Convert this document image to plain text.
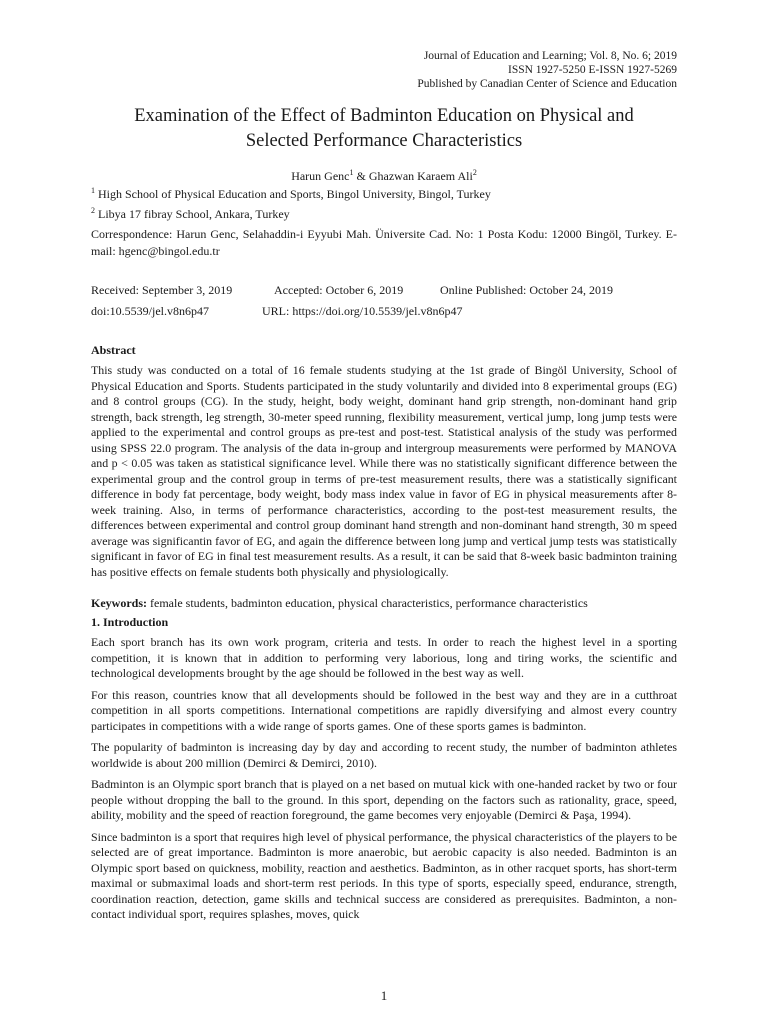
Journal of Education and Learning; Vol. 8, No. 6; 2019
ISSN 1927-5250 E-ISSN 1927-5269
Published by Canadian Center of Science and Education
Examination of the Effect of Badminton Education on Physical and
Selected Performance Characteristics
Harun Genc$^1$ & Ghazwan Karaem Ali$^2$
$^1$ High School of Physical Education and Sports, Bingol University, Bingol, Turkey
$^2$ Libya 17 fibray School, Ankara, Turkey
Correspondence: Harun Genc, Selahaddin-i Eyyubi Mah. Üniversite Cad. No: 1 Posta Kodu: 12000 Bingöl, Turkey. E-mail: hgenc@bingol.edu.tr
Received: September 3, 2019	Accepted: October 6, 2019	Online Published: October 24, 2019
doi:10.5539/jel.v8n6p47	URL: https://doi.org/10.5539/jel.v8n6p47
Abstract

This study was conducted on a total of 16 female students studying at the 1st grade of Bingöl University, School of Physical Education and Sports. Students participated in the study voluntarily and divided into 8 experimental groups (EG) and 8 control groups (CG). In the study, height, body weight, dominant hand grip strength, non-dominant hand grip strength, back strength, leg strength, 30-meter speed running, flexibility measurement, vertical jump, long jump tests were applied to the experimental and control groups as pre-test and post-test. Statistical analysis of the study was performed using SPSS 22.0 program. The analysis of the data in-group and intergroup measurements were performed by MANOVA and p < 0.05 was taken as statistical significance level. While there was no statistically significant difference between the experimental group and the control group in terms of pre-test measurement results, there was a statistically significant difference in body fat percentage, body weight, body mass index value in favor of EG in physical measurements after 8-week training. Also, in terms of performance characteristics, according to the post-test measurement results, the differences between experimental and control group dominant hand strength and non-dominant hand strength, 30 m speed average was significantin favor of EG, and again the difference between long jump and vertical jump tests was statistically significant in favor of EG in final test measurement results. As a result, it can be said that 8-week basic badminton training has positive effects on female students both physically and physiologically.

Keywords: female students, badminton education, physical characteristics, performance characteristics
1. Introduction

Each sport branch has its own work program, criteria and tests. In order to reach the highest level in a sporting competition, it is known that in addition to performing very laborious, long and tiring works, the scientific and technological developments brought by the age should be followed in the best way as well.

For this reason, countries know that all developments should be followed in the best way and they are in a cutthroat competition in all sports competitions. International competitions are rapidly diversifying and almost every country participates in competitions with a wide range of sports games. One of these sports games is badminton.

The popularity of badminton is increasing day by day and according to recent study, the number of badminton athletes worldwide is about 200 million (Demirci & Demirci, 2010).

Badminton is an Olympic sport branch that is played on a net based on mutual kick with one-handed racket by two or four people without dropping the ball to the ground. In this sport, depending on the factors such as rationality, grace, speed, ability, mobility and the speed of reaction foreground, the game becomes very enjoyable (Demirci & Paşa, 1994).

Since badminton is a sport that requires high level of physical performance, the physical characteristics of the players to be selected are of great importance. Badminton is more anaerobic, but aerobic capacity is also needed. Badminton is an Olympic sport based on quickness, mobility, reaction and aesthetics. Badminton, as in other racquet sports, has short-term maximal or submaximal loads and short-term rest periods. In this type of sports, especially speed, endurance, strength, coordination reaction, detection, game skills and technical success are considered as prerequisites. Badminton, a non-contact individual sport, requires splashes, moves, quick

1
